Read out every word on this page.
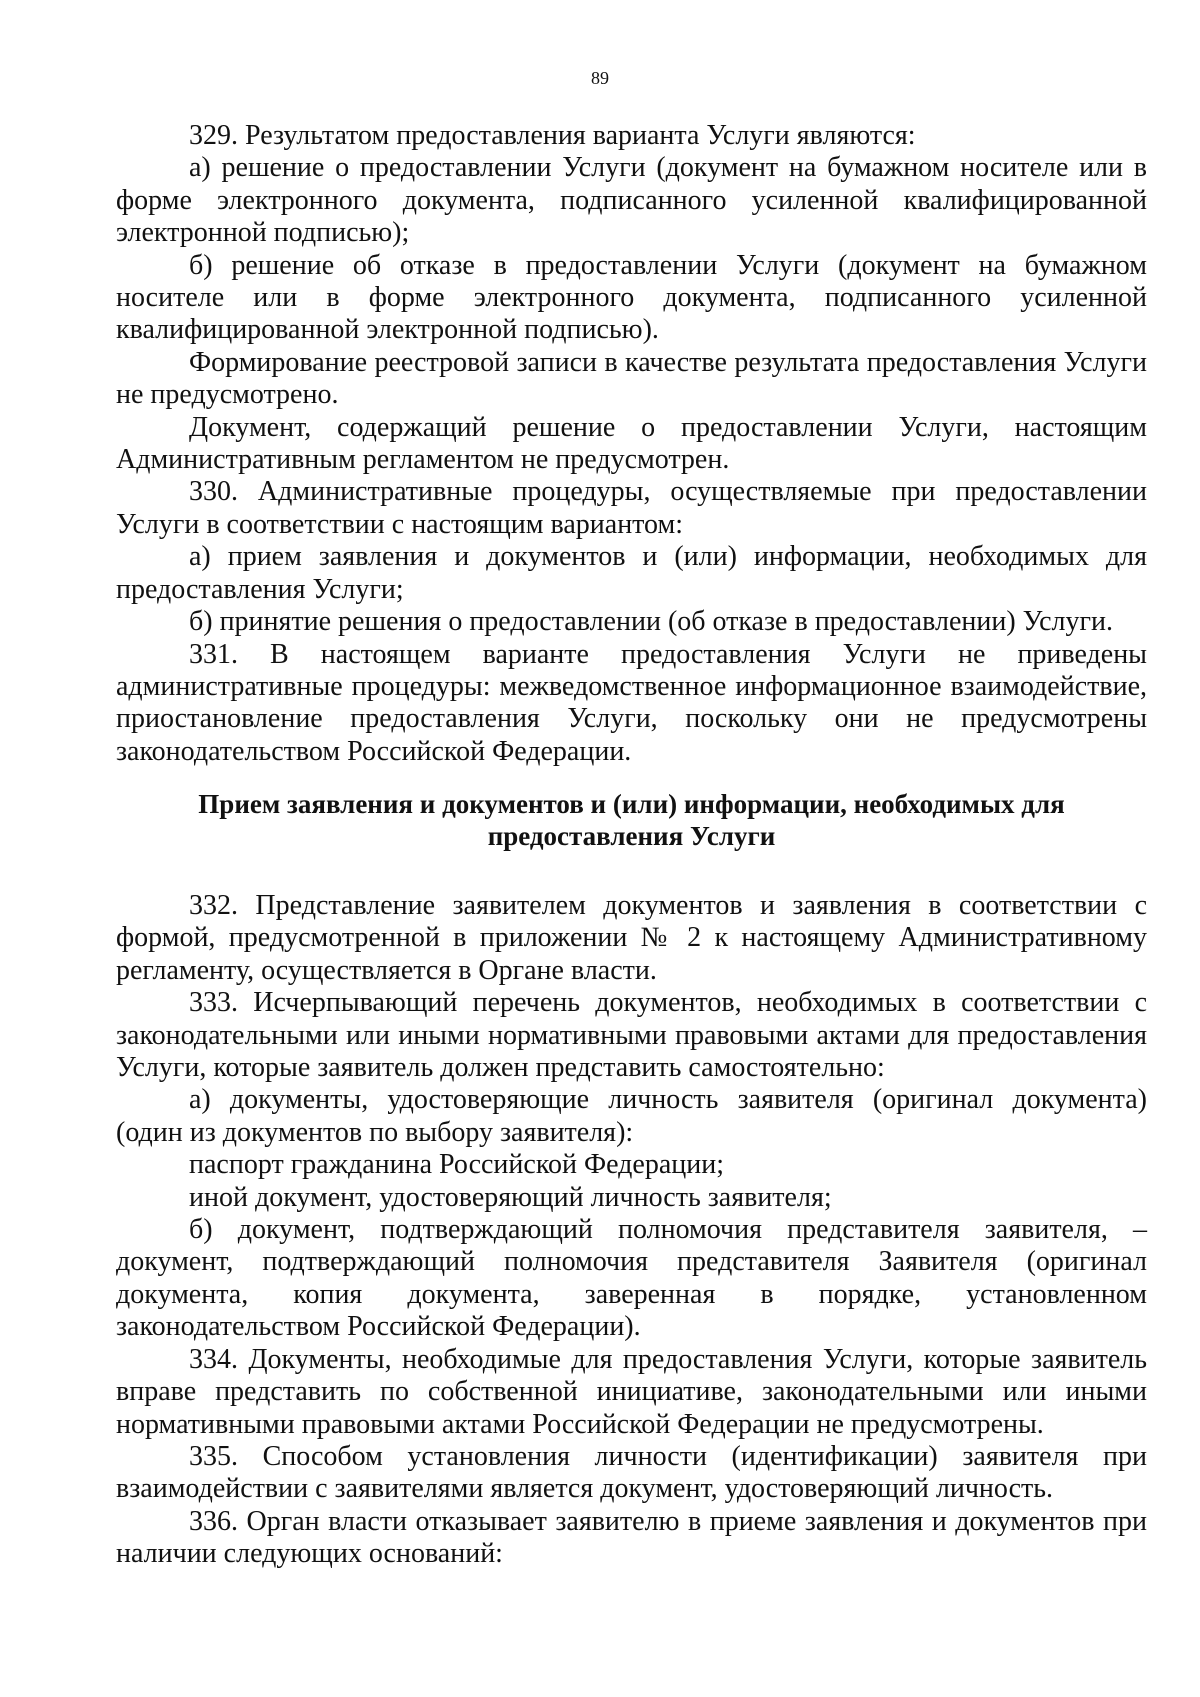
89

329. Результатом предоставления варианта Услуги являются:

а) решение о предоставлении Услуги (документ на бумажном носителе или в форме электронного документа, подписанного усиленной квалифицированной электронной подписью);

б) решение об отказе в предоставлении Услуги (документ на бумажном носителе или в форме электронного документа, подписанного усиленной квалифицированной электронной подписью).

Формирование реестровой записи в качестве результата предоставления Услуги не предусмотрено.

Документ, содержащий решение о предоставлении Услуги, настоящим Административным регламентом не предусмотрен.

330. Административные процедуры, осуществляемые при предоставлении Услуги в соответствии с настоящим вариантом:

а) прием заявления и документов и (или) информации, необходимых для предоставления Услуги;

б) принятие решения о предоставлении (об отказе в предоставлении) Услуги.

331. В настоящем варианте предоставления Услуги не приведены административные процедуры: межведомственное информационное взаимодействие, приостановление предоставления Услуги, поскольку они не предусмотрены законодательством Российской Федерации.

Прием заявления и документов и (или) информации, необходимых для предоставления Услуги

332. Представление заявителем документов и заявления в соответствии с формой, предусмотренной в приложении № 2 к настоящему Административному регламенту, осуществляется в Органе власти.

333. Исчерпывающий перечень документов, необходимых в соответствии с законодательными или иными нормативными правовыми актами для предоставления Услуги, которые заявитель должен представить самостоятельно:

а) документы, удостоверяющие личность заявителя (оригинал документа) (один из документов по выбору заявителя):

паспорт гражданина Российской Федерации;

иной документ, удостоверяющий личность заявителя;

б) документ, подтверждающий полномочия представителя заявителя, – документ, подтверждающий полномочия представителя Заявителя (оригинал документа, копия документа, заверенная в порядке, установленном законодательством Российской Федерации).

334. Документы, необходимые для предоставления Услуги, которые заявитель вправе представить по собственной инициативе, законодательными или иными нормативными правовыми актами Российской Федерации не предусмотрены.

335. Способом установления личности (идентификации) заявителя при взаимодействии с заявителями является документ, удостоверяющий личность.

336. Орган власти отказывает заявителю в приеме заявления и документов при наличии следующих оснований:
